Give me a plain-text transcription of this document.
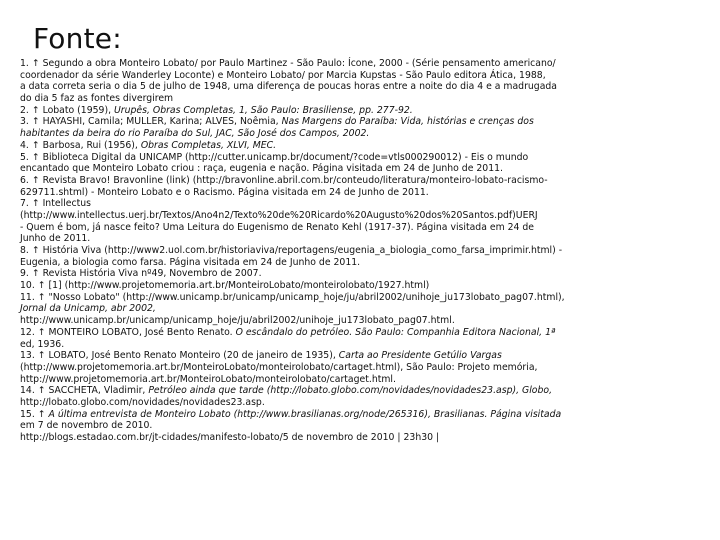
Fonte:
1. ↑ Segundo a obra Monteiro Lobato/ por Paulo Martinez - São Paulo: Ícone, 2000 - (Série pensamento americano/
coordenador da série Wanderley Loconte) e Monteiro Lobato/ por Marcia Kupstas - São Paulo editora Ática, 1988,
a data correta seria o dia 5 de julho de 1948, uma diferença de poucas horas entre a noite do dia 4 e a madrugada
do dia 5 faz as fontes divergirem
2. ↑ Lobato (1959), Urupês, Obras Completas, 1, São Paulo: Brasiliense, pp. 277-92.
3. ↑ HAYASHI, Camila; MULLER, Karina; ALVES, Noêmia, Nas Margens do Paraíba: Vida, histórias e crenças dos
habitantes da beira do rio Paraíba do Sul, JAC, São José dos Campos, 2002.
4. ↑ Barbosa, Rui (1956), Obras Completas, XLVI, MEC.
5. ↑ Biblioteca Digital da UNICAMP (http://cutter.unicamp.br/document/?code=vtls000290012) - Eis o mundo
encantado que Monteiro Lobato criou : raça, eugenia e nação. Página visitada em 24 de Junho de 2011.
6. ↑ Revista Bravo! Bravonline (link) (http://bravonline.abril.com.br/conteudo/literatura/monteiro-lobato-racismo-
629711.shtml) - Monteiro Lobato e o Racismo. Página visitada em 24 de Junho de 2011.
7. ↑ Intellectus
(http://www.intellectus.uerj.br/Textos/Ano4n2/Texto%20de%20Ricardo%20Augusto%20dos%20Santos.pdf)UERJ
- Quem é bom, já nasce feito? Uma Leitura do Eugenismo de Renato Kehl (1917-37). Página visitada em 24 de
Junho de 2011.
8. ↑ História Viva (http://www2.uol.com.br/historiaviva/reportagens/eugenia_a_biologia_como_farsa_imprimir.html) -
Eugenia, a biologia como farsa. Página visitada em 24 de Junho de 2011.
9. ↑ Revista História Viva nº49, Novembro de 2007.
10. ↑ [1] (http://www.projetomemoria.art.br/MonteiroLobato/monteirolobato/1927.html)
11. ↑ "Nosso Lobato" (http://www.unicamp.br/unicamp/unicamp_hoje/ju/abril2002/unihoje_ju173lobato_pag07.html),
Jornal da Unicamp, abr 2002,
http://www.unicamp.br/unicamp/unicamp_hoje/ju/abril2002/unihoje_ju173lobato_pag07.html.
12. ↑ MONTEIRO LOBATO, José Bento Renato. O escândalo do petróleo. São Paulo: Companhia Editora Nacional, 1ª
ed, 1936.
13. ↑ LOBATO, José Bento Renato Monteiro (20 de janeiro de 1935), Carta ao Presidente Getúlio Vargas
(http://www.projetomemoria.art.br/MonteiroLobato/monteirolobato/cartaget.html), São Paulo: Projeto memória,
http://www.projetomemoria.art.br/MonteiroLobato/monteirolobato/cartaget.html.
14. ↑ SACCHETA, Vladimir, Petróleo ainda que tarde (http://lobato.globo.com/novidades/novidades23.asp), Globo,
http://lobato.globo.com/novidades/novidades23.asp.
15. ↑ A última entrevista de Monteiro Lobato (http://www.brasilianas.org/node/265316), Brasilianas. Página visitada
em 7 de novembro de 2010.
http://blogs.estadao.com.br/jt-cidades/manifesto-lobato/5 de novembro de 2010 | 23h30 |
